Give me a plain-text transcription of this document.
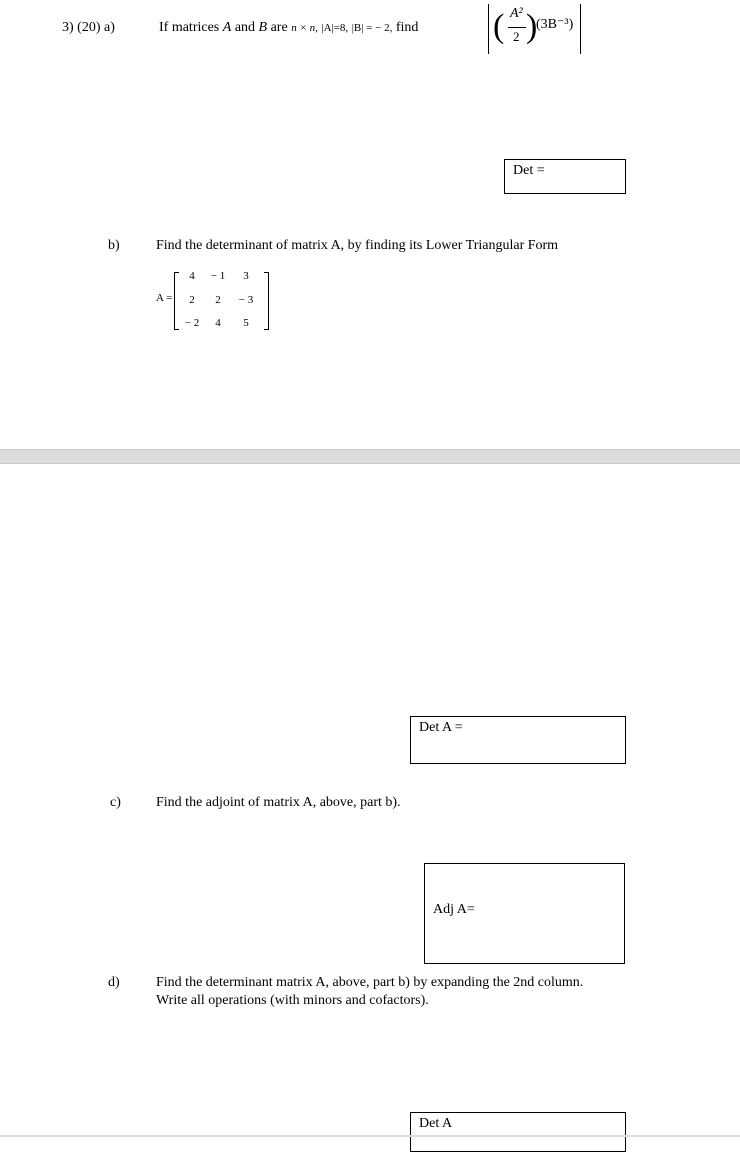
3) (20) a)	If matrices A and B are n × n, |A|=8, |B| = − 2, find ( A²
2 )
(3B⁻³)
Det =
b)	Find the determinant of matrix A, by finding its Lower Triangular Form
A =
4	− 1	3
2	2	− 3
− 2	4	5
Det A =
c)	Find the adjoint of matrix A, above, part b).
Adj A=
d)	Find the determinant matrix A, above, part b) by expanding the 2nd column.
Write all operations (with minors and cofactors).
Det A
